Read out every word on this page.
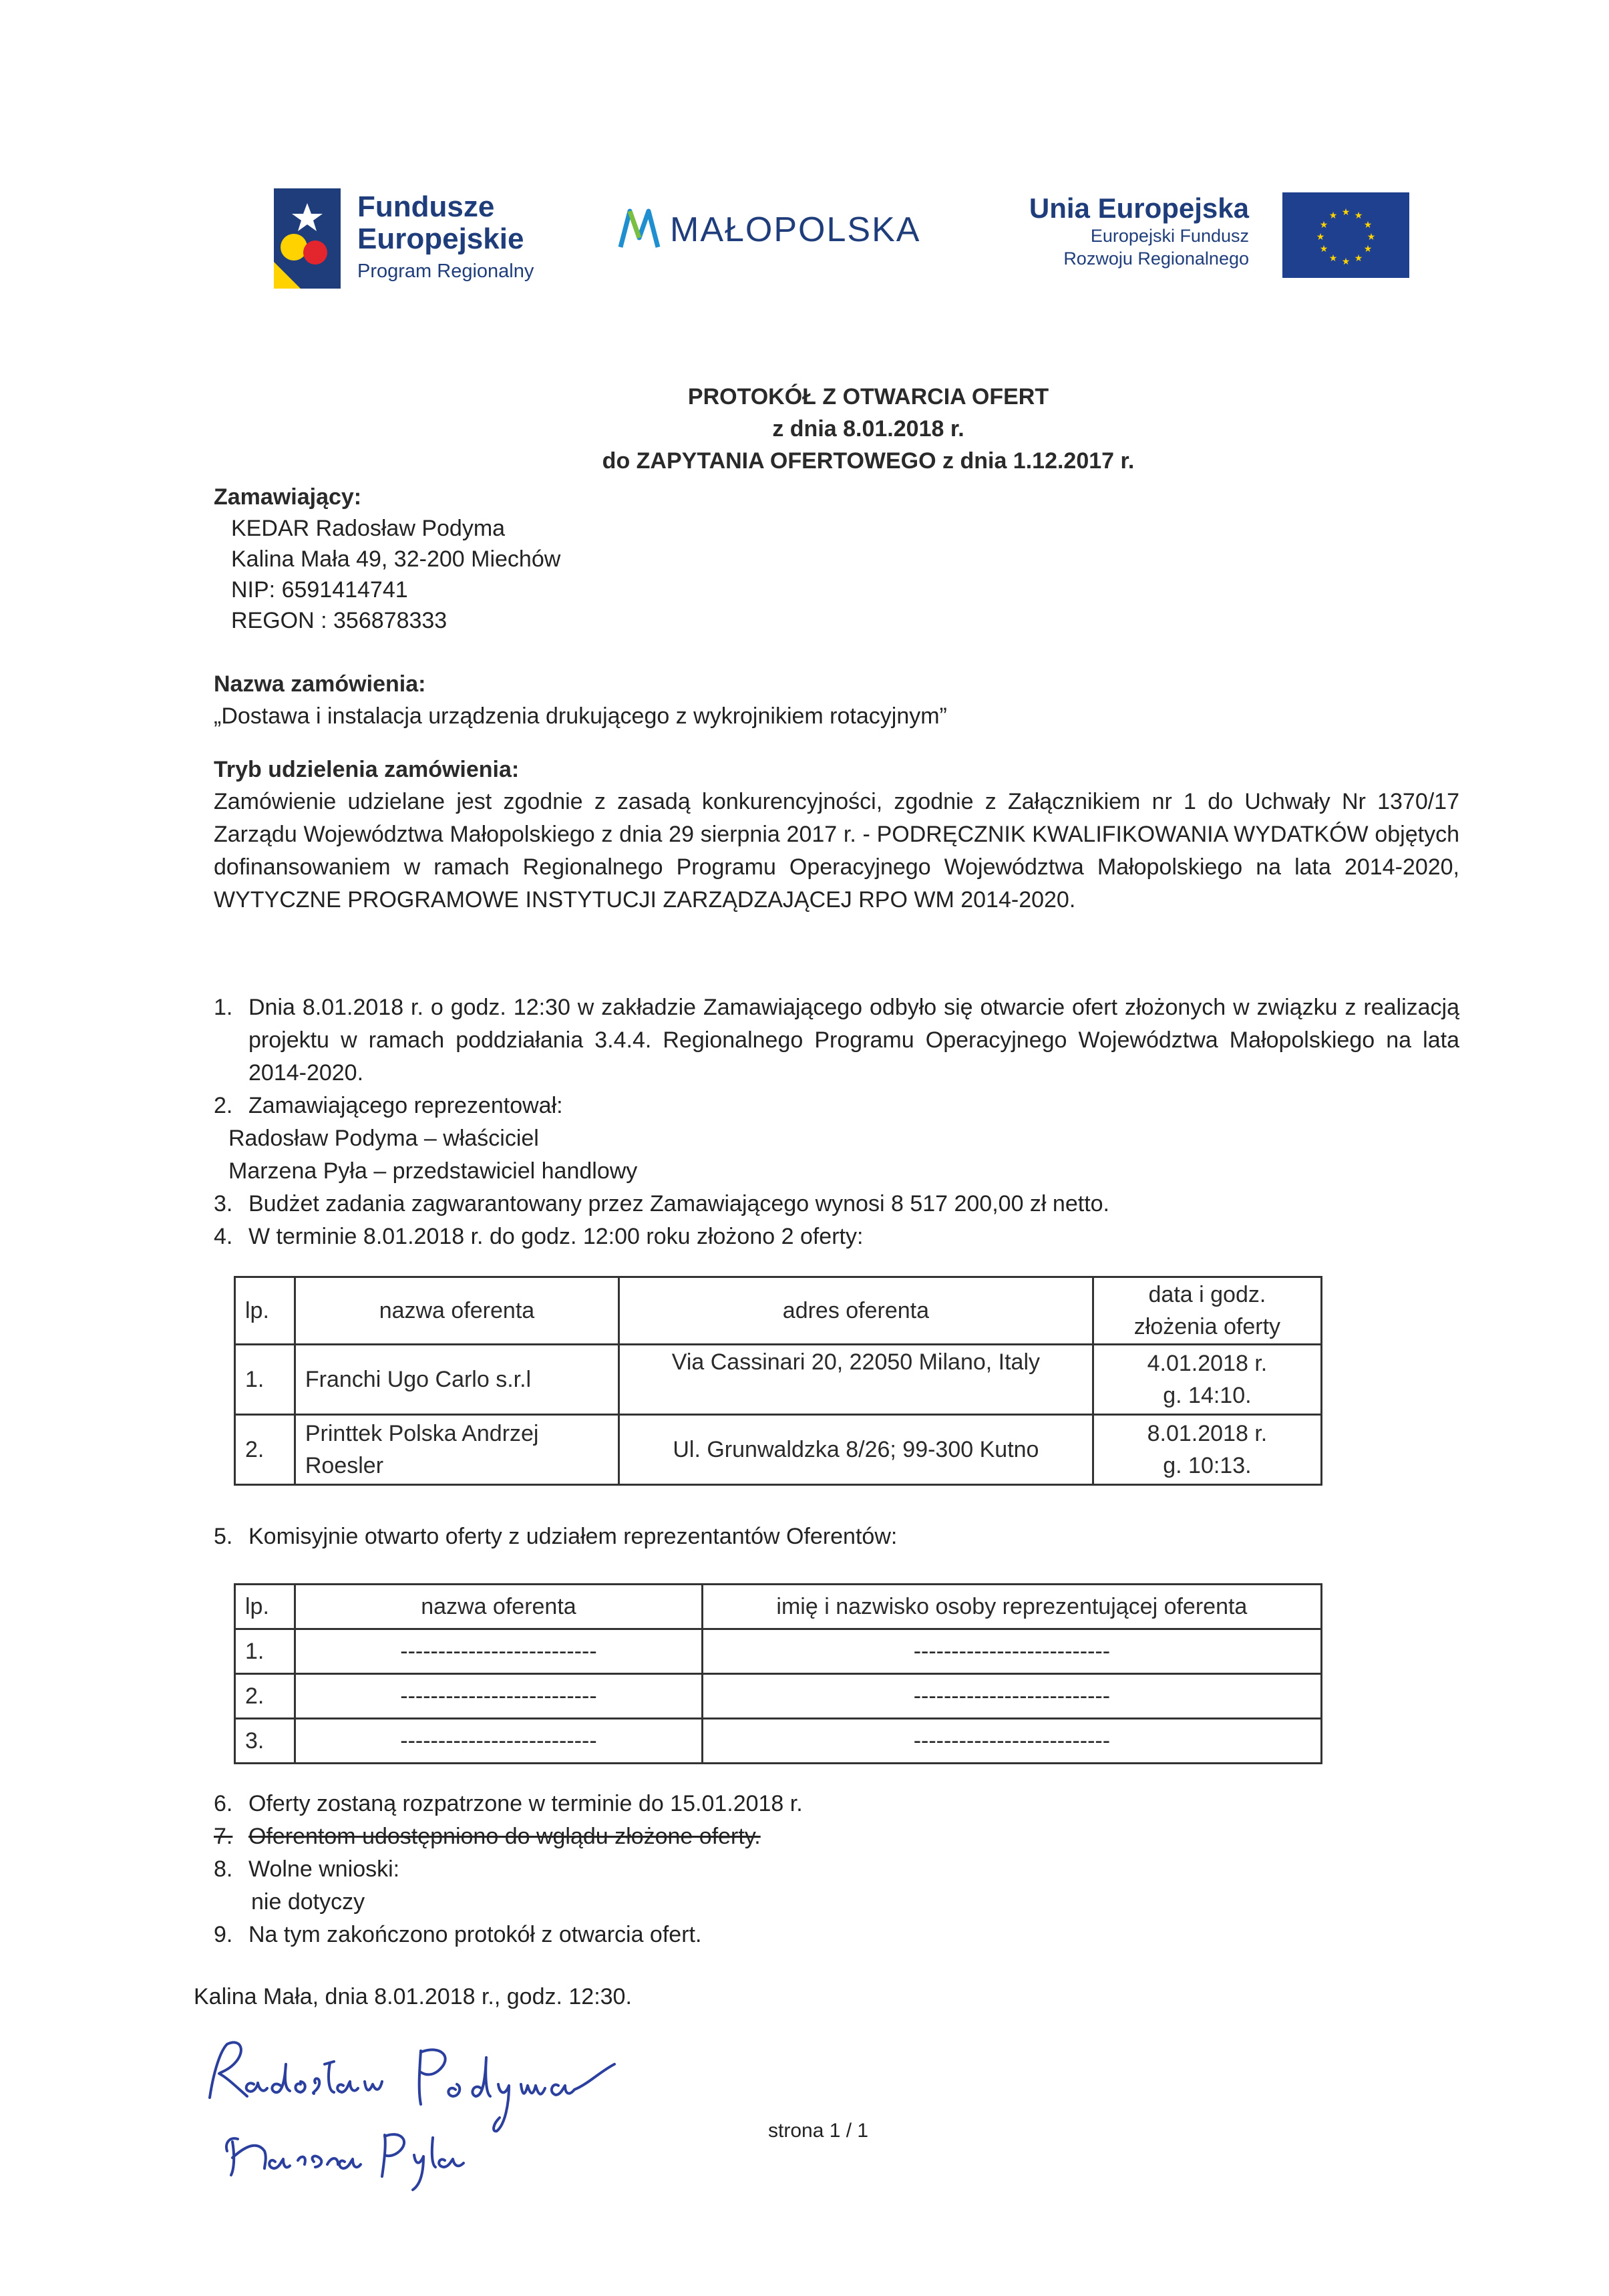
Fundusze
Europejskie
Program Regionalny
MAŁOPOLSKA
Unia Europejska
Europejski Fundusz
Rozwoju Regionalnego
★ ★
★
★
★
★
★
★
★
★
★
★
PROTOKÓŁ Z OTWARCIA OFERT
z dnia 8.01.2018 r.
do ZAPYTANIA OFERTOWEGO z dnia 1.12.2017 r.
Zamawiający:
KEDAR Radosław Podyma
Kalina Mała 49, 32-200 Miechów
NIP: 6591414741
REGON : 356878333
Nazwa zamówienia:
„Dostawa i instalacja urządzenia drukującego z wykrojnikiem rotacyjnym”
Tryb udzielenia zamówienia:
Zamówienie udzielane jest zgodnie z zasadą konkurencyjności, zgodnie z Załącznikiem nr 1 do Uchwały Nr 1370/17 Zarządu Województwa Małopolskiego z dnia 29 sierpnia 2017 r. - PODRĘCZNIK KWALIFIKOWANIA WYDATKÓW objętych dofinansowaniem w ramach Regionalnego Programu Operacyjnego Województwa Małopolskiego na lata 2014-2020, WYTYCZNE PROGRAMOWE INSTYTUCJI ZARZĄDZAJĄCEJ RPO WM 2014-2020.
1. Dnia 8.01.2018 r. o godz. 12:30 w zakładzie Zamawiającego odbyło się otwarcie ofert złożonych w związku z realizacją projektu w ramach poddziałania 3.4.4. Regionalnego Programu Operacyjnego Województwa Małopolskiego na lata 2014-2020.
2. Zamawiającego reprezentował:
Radosław Podyma – właściciel
Marzena Pyła – przedstawiciel handlowy
3. Budżet zadania zagwarantowany przez Zamawiającego wynosi 8 517 200,00 zł netto.
4. W terminie 8.01.2018 r. do godz. 12:00 roku złożono 2 oferty:
lp.	nazwa oferenta	adres oferenta	data i godz.
złożenia oferty

1.	Franchi Ugo Carlo s.r.l	Via Cassinari 20, 22050 Milano, Italy	4.01.2018 r.
g. 14:10.

2.	Printtek Polska Andrzej Roesler	Ul. Grunwaldzka 8/26; 99-300 Kutno	8.01.2018 r.
g. 10:13.
5. Komisyjnie otwarto oferty z udziałem reprezentantów Oferentów:
lp.	nazwa oferenta	imię i nazwisko osoby reprezentującej oferenta
1.	--------------------------	--------------------------
2.	--------------------------	--------------------------
3.	--------------------------	--------------------------
6. Oferty zostaną rozpatrzone w terminie do 15.01.2018 r.
7. Oferentom udostępniono do wglądu złożone oferty.
8. Wolne wnioski:
nie dotyczy
9. Na tym zakończono protokół z otwarcia ofert.
Kalina Mała, dnia 8.01.2018 r., godz. 12:30.
strona 1 / 1
